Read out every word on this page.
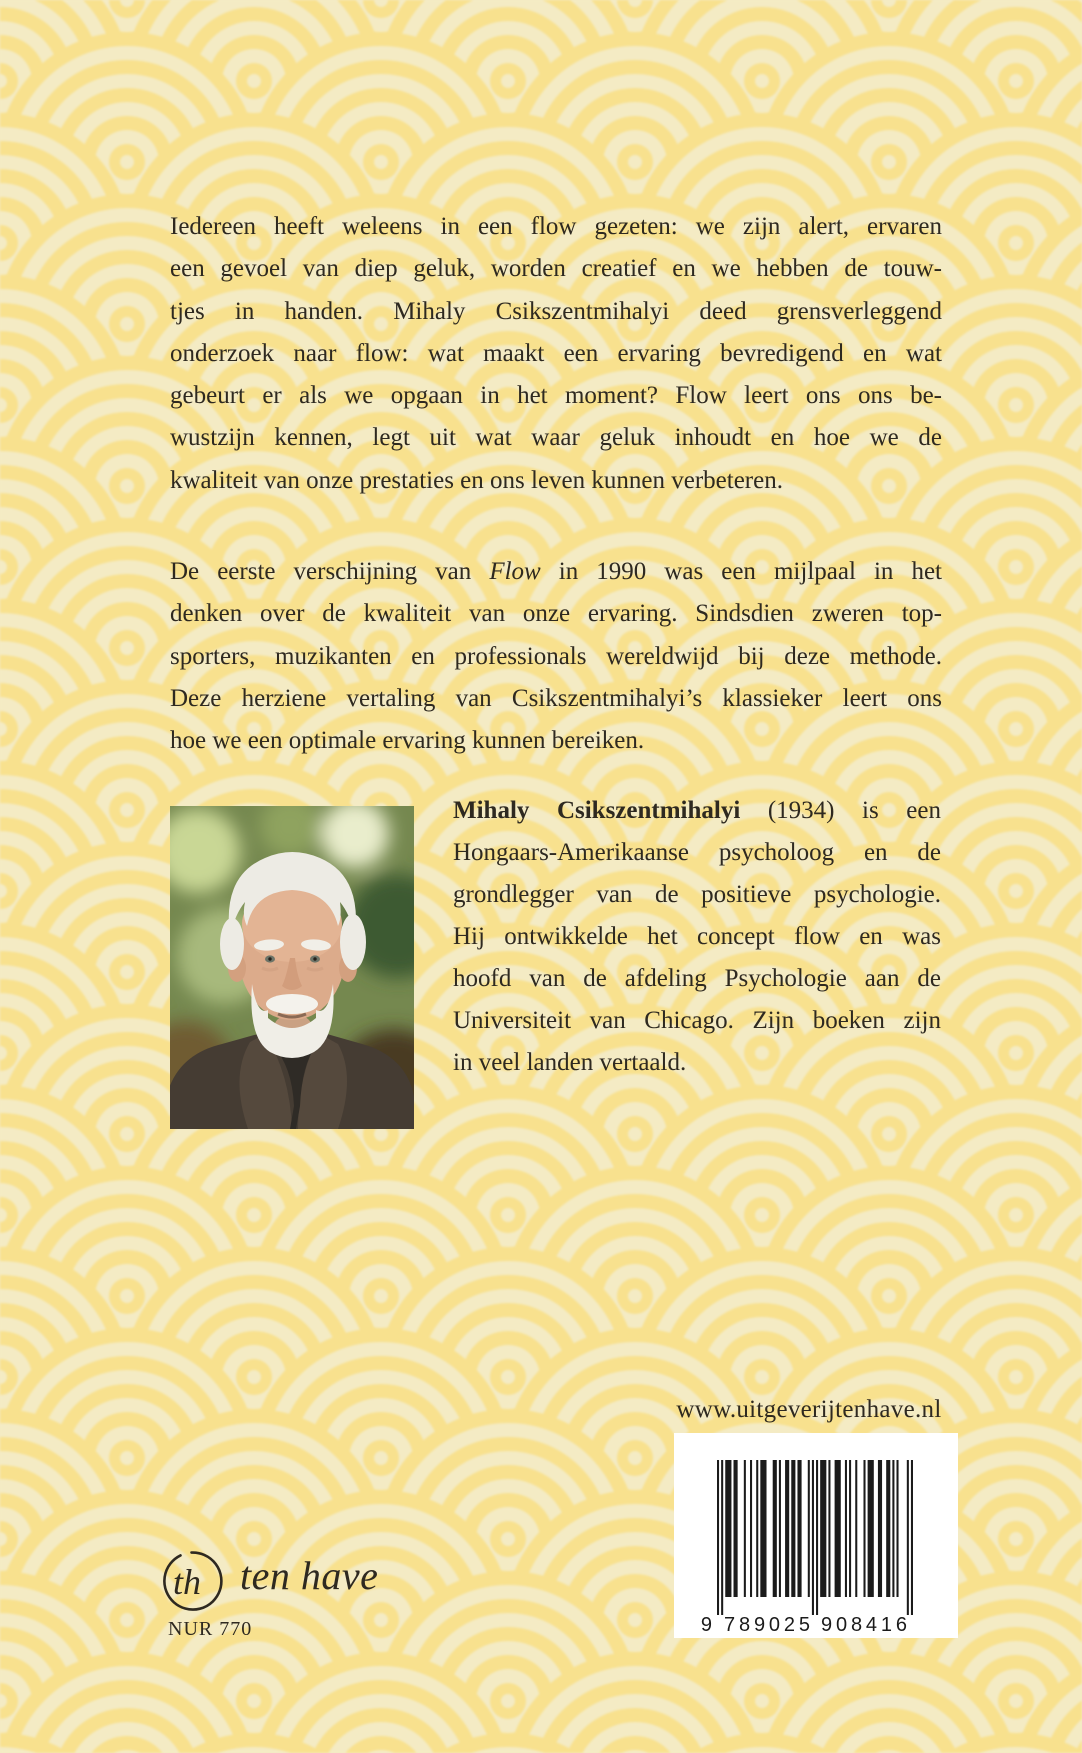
Iedereen heeft weleens in een flow gezeten: we zijn alert, ervaren
een gevoel van diep geluk, worden creatief en we hebben de touw-
tjes in handen. Mihaly Csikszentmihalyi deed grensverleggend
onderzoek naar flow: wat maakt een ervaring bevredigend en wat
gebeurt er als we opgaan in het moment? Flow leert ons ons be-
wustzijn kennen, legt uit wat waar geluk inhoudt en hoe we de
kwaliteit van onze prestaties en ons leven kunnen verbeteren.
De eerste verschijning van Flow in 1990 was een mijlpaal in het
denken over de kwaliteit van onze ervaring. Sindsdien zweren top-
sporters, muzikanten en professionals wereldwijd bij deze methode.
Deze herziene vertaling van Csikszentmihalyi’s klassieker leert ons
hoe we een optimale ervaring kunnen bereiken.
Mihaly Csikszentmihalyi (1934) is een
Hongaars-Amerikaanse psycholoog en de
grondlegger van de positieve psychologie.
Hij ontwikkelde het concept flow en was
hoofd van de afdeling Psychologie aan de
Universiteit van Chicago. Zijn boeken zijn
in veel landen vertaald.
www.uitgeverijtenhave.nl
9 789025 908416
th ten have
NUR 770
